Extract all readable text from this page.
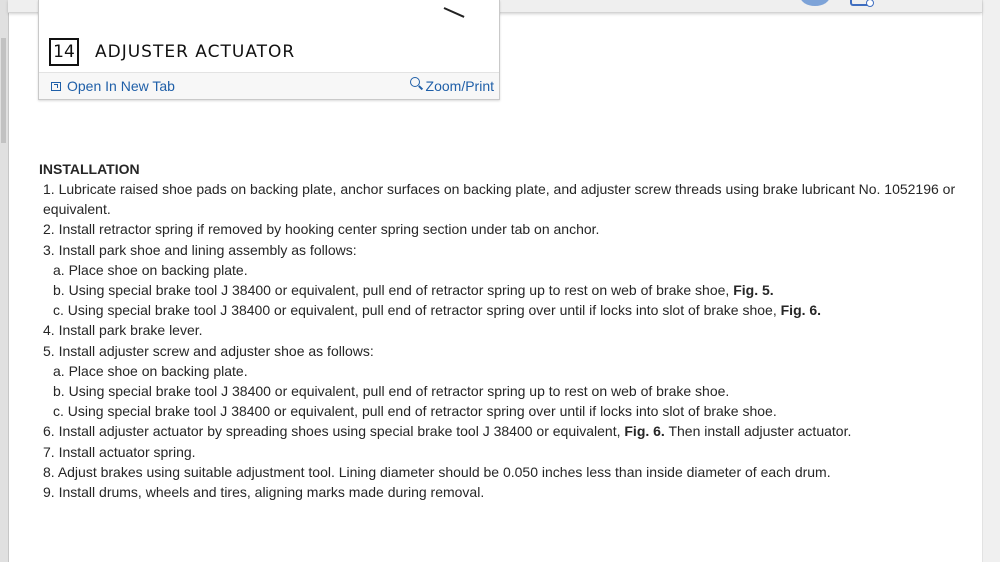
14 ADJUSTER ACTUATOR
Open In New Tab	Zoom/Print
INSTALLATION
1. Lubricate raised shoe pads on backing plate, anchor surfaces on backing plate, and adjuster screw threads using brake lubricant No. 1052196 or equivalent.
2. Install retractor spring if removed by hooking center spring section under tab on anchor.
3. Install park shoe and lining assembly as follows:
a. Place shoe on backing plate.
b. Using special brake tool J 38400 or equivalent, pull end of retractor spring up to rest on web of brake shoe, Fig. 5.
c. Using special brake tool J 38400 or equivalent, pull end of retractor spring over until if locks into slot of brake shoe, Fig. 6.
4. Install park brake lever.
5. Install adjuster screw and adjuster shoe as follows:
a. Place shoe on backing plate.
b. Using special brake tool J 38400 or equivalent, pull end of retractor spring up to rest on web of brake shoe.
c. Using special brake tool J 38400 or equivalent, pull end of retractor spring over until if locks into slot of brake shoe.
6. Install adjuster actuator by spreading shoes using special brake tool J 38400 or equivalent, Fig. 6. Then install adjuster actuator.
7. Install actuator spring.
8. Adjust brakes using suitable adjustment tool. Lining diameter should be 0.050 inches less than inside diameter of each drum.
9. Install drums, wheels and tires, aligning marks made during removal.
